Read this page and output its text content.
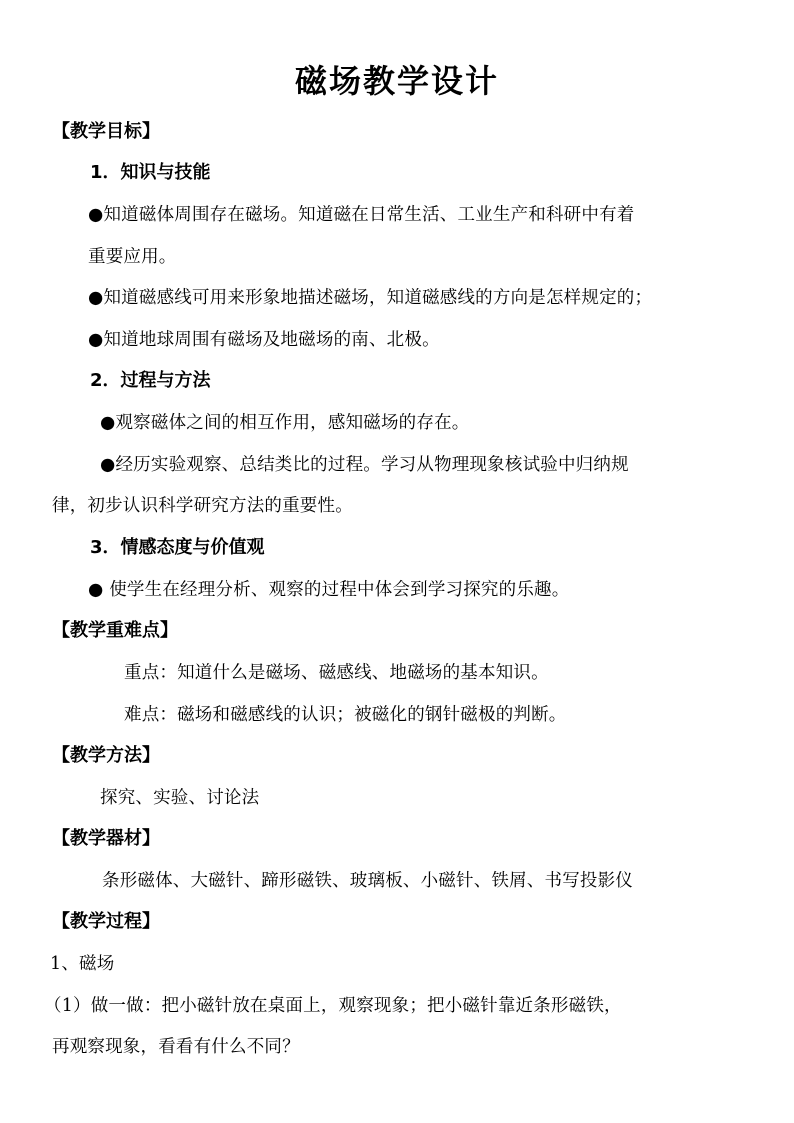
磁场教学设计
【教学目标】
1．知识与技能
●知道磁体周围存在磁场。知道磁在日常生活、工业生产和科研中有着
重要应用。
●知道磁感线可用来形象地描述磁场，知道磁感线的方向是怎样规定的；
●知道地球周围有磁场及地磁场的南、北极。
2．过程与方法
●观察磁体之间的相互作用，感知磁场的存在。
●经历实验观察、总结类比的过程。学习从物理现象核试验中归纳规
律，初步认识科学研究方法的重要性。
3．情感态度与价值观
● 使学生在经理分析、观察的过程中体会到学习探究的乐趣。
【教学重难点】
重点：知道什么是磁场、磁感线、地磁场的基本知识。
难点：磁场和磁感线的认识；被磁化的钢针磁极的判断。
【教学方法】
探究、实验、讨论法
【教学器材】
条形磁体、大磁针、蹄形磁铁、玻璃板、小磁针、铁屑、书写投影仪
【教学过程】
1、磁场
（1）做一做：把小磁针放在桌面上，观察现象；把小磁针靠近条形磁铁，
再观察现象，看看有什么不同？
